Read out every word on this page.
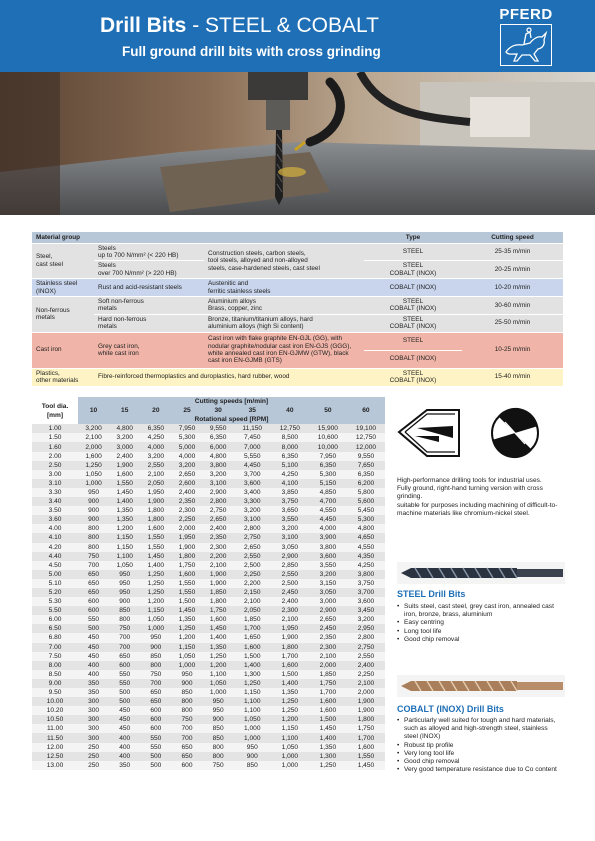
Drill Bits - STEEL & COBALT
Full ground drill bits with cross grinding
PFERD
Material group			Type	Cutting speed
Steel,
cast steel	Steels
up to 700 N/mm² (< 220 HB)	Construction steels, carbon steels,
tool steels, alloyed and non-alloyed
steels, case-hardened steels, cast steel	STEEL	25-35 m/min
	Steels
over 700 N/mm² (> 220 HB)		STEEL
COBALT (INOX)	20-25 m/min
Stainless steel
(INOX)	Rust and acid-resistant steels	Austenitic and
ferritic stainless steels	COBALT (INOX)	10-20 m/min
Non-ferrous
metals	Soft non-ferrous
metals	Aluminium alloys
Brass, copper, zinc	STEEL
COBALT (INOX)	30-60 m/min
	Hard non-ferrous
metals	Bronze, titanium/titanium alloys, hard
aluminium alloys (high Si content)	STEEL
COBALT (INOX)	25-50 m/min
Cast iron	Grey cast iron,
white cast iron	Cast iron with flake graphite EN-GJL (GG), with
nodular graphite/nodular cast iron EN-GJS (GGG),
white annealed cast iron EN-GJMW (GTW), black
cast iron EN-GJMB (GTS)	STEEL	10-25 m/min
			COBALT (INOX)	
Plastics,
other materials	Fibre-reinforced thermoplastics and duroplastics, hard rubber, wood		STEEL
COBALT (INOX)	15-40 m/min
Tool dia.
[mm]	Cutting speeds [m/min]								
	10	15	20	25	30	35	40	50	60
	Rotational speed [RPM]								
1.00	3,200	4,800	6,350	7,950	9,550	11,150	12,750	15,900	19,100
1.50	2,100	3,200	4,250	5,300	6,350	7,450	8,500	10,600	12,750
1.60	2,000	3,000	4,000	5,000	6,000	7,000	8,000	10,000	12,000
2.00	1,600	2,400	3,200	4,000	4,800	5,550	6,350	7,950	9,550
2.50	1,250	1,900	2,550	3,200	3,800	4,450	5,100	6,350	7,650
3.00	1,050	1,600	2,100	2,650	3,200	3,700	4,250	5,300	6,350
3.10	1,000	1,550	2,050	2,600	3,100	3,600	4,100	5,150	6,200
3.30	950	1,450	1,950	2,400	2,900	3,400	3,850	4,850	5,800
3.40	900	1,400	1,900	2,350	2,800	3,300	3,750	4,700	5,600
3.50	900	1,350	1,800	2,300	2,750	3,200	3,650	4,550	5,450
3.60	900	1,350	1,800	2,250	2,650	3,100	3,550	4,450	5,300
4.00	800	1,200	1,600	2,000	2,400	2,800	3,200	4,000	4,800
4.10	800	1,150	1,550	1,950	2,350	2,750	3,100	3,900	4,650
4.20	800	1,150	1,550	1,900	2,300	2,650	3,050	3,800	4,550
4.40	750	1,100	1,450	1,800	2,200	2,550	2,900	3,600	4,350
4.50	700	1,050	1,400	1,750	2,100	2,500	2,850	3,550	4,250
5.00	650	950	1,250	1,600	1,900	2,250	2,550	3,200	3,800
5.10	650	950	1,250	1,550	1,900	2,200	2,500	3,150	3,750
5.20	650	950	1,250	1,550	1,850	2,150	2,450	3,050	3,700
5.30	600	900	1,200	1,500	1,800	2,100	2,400	3,000	3,600
5.50	600	850	1,150	1,450	1,750	2,050	2,300	2,900	3,450
6.00	550	800	1,050	1,350	1,600	1,850	2,100	2,650	3,200
6.50	500	750	1,000	1,250	1,450	1,700	1,950	2,450	2,950
6.80	450	700	950	1,200	1,400	1,650	1,900	2,350	2,800
7.00	450	700	900	1,150	1,350	1,600	1,800	2,300	2,750
7.50	450	650	850	1,050	1,250	1,500	1,700	2,100	2,550
8.00	400	600	800	1,000	1,200	1,400	1,600	2,000	2,400
8.50	400	550	750	950	1,100	1,300	1,500	1,850	2,250
9.00	350	550	700	900	1,050	1,250	1,400	1,750	2,100
9.50	350	500	650	850	1,000	1,150	1,350	1,700	2,000
10.00	300	500	650	800	950	1,100	1,250	1,600	1,900
10.20	300	450	600	800	950	1,100	1,250	1,600	1,900
10.50	300	450	600	750	900	1,050	1,200	1,500	1,800
11.00	300	450	600	700	850	1,000	1,150	1,450	1,750
11.50	300	400	550	700	850	1,000	1,100	1,400	1,700
12.00	250	400	550	650	800	950	1,050	1,350	1,600
12.50	250	400	500	650	800	900	1,000	1,300	1,550
13.00	250	350	500	600	750	850	1,000	1,250	1,450

High-performance drilling tools for industrial uses.

Fully ground, right-hand turning version with cross grinding.

suitable for purposes including machining of difficult-to-machine materials like chromium-nickel steel.

STEEL Drill Bits
• Suits steel, cast steel, grey cast iron, annealed cast iron, bronze, brass, aluminium
• Easy centring
• Long tool life
• Good chip removal
COBALT (INOX) Drill Bits
• Particularly well suited for tough and hard materials, such as alloyed and high-strength steel, stainless steel (INOX)
• Robust tip profile
• Very long tool life
• Good chip removal
• Very good temperature resistance due to Co content
